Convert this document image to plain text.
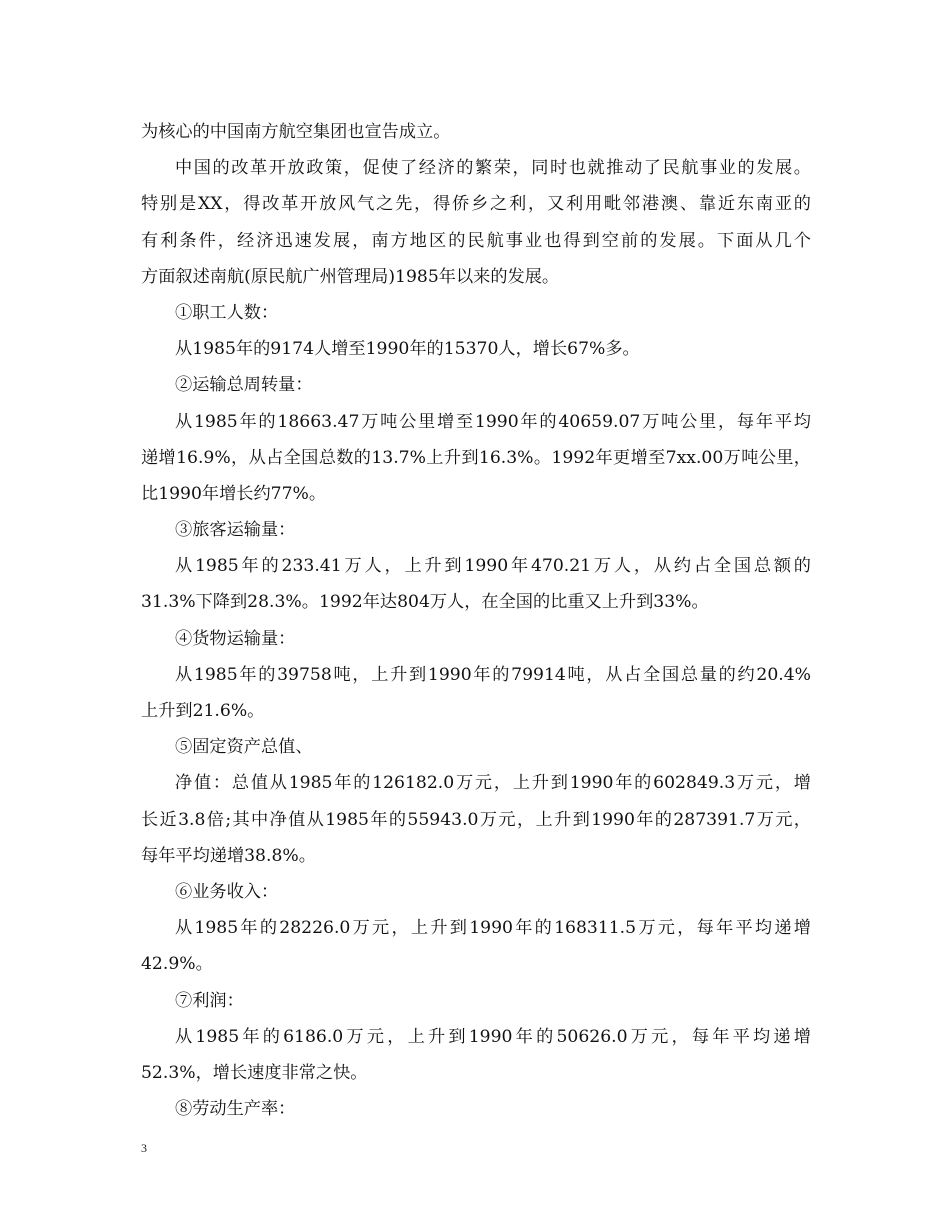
为核心的中国南方航空集团也宣告成立。
中国的改革开放政策，促使了经济的繁荣，同时也就推动了民航事业的发展。
特别是XX，得改革开放风气之先，得侨乡之利，又利用毗邻港澳、靠近东南亚的
有利条件，经济迅速发展，南方地区的民航事业也得到空前的发展。下面从几个
方面叙述南航(原民航广州管理局)1985年以来的发展。
①职工人数：
从1985年的9174人增至1990年的15370人，增长67%多。
②运输总周转量：
从1985年的18663.47万吨公里增至1990年的40659.07万吨公里，每年平均
递增16.9%，从占全国总数的13.7%上升到16.3%。1992年更增至7xx.00万吨公里，
比1990年增长约77%。
③旅客运输量：
从1985年的233.41万人，上升到1990年470.21万人，从约占全国总额的
31.3%下降到28.3%。1992年达804万人，在全国的比重又上升到33%。
④货物运输量：
从1985年的39758吨，上升到1990年的79914吨，从占全国总量的约20.4%
上升到21.6%。
⑤固定资产总值、
净值：总值从1985年的126182.0万元，上升到1990年的602849.3万元，增
长近3.8倍;其中净值从1985年的55943.0万元，上升到1990年的287391.7万元，
每年平均递增38.8%。
⑥业务收入：
从1985年的28226.0万元，上升到1990年的168311.5万元，每年平均递增
42.9%。
⑦利润：
从1985年的6186.0万元，上升到1990年的50626.0万元，每年平均递增
52.3%，增长速度非常之快。
⑧劳动生产率：
3
